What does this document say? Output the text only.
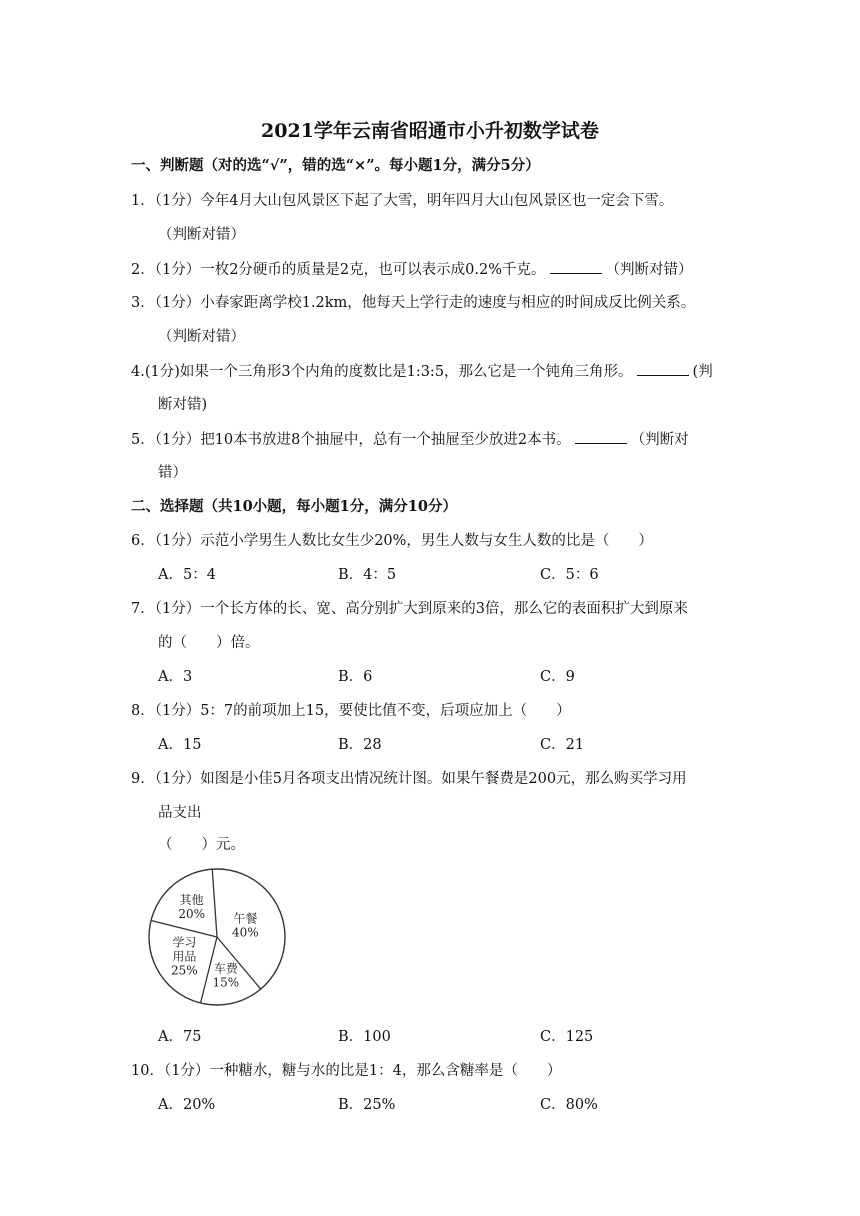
2021学年云南省昭通市小升初数学试卷
一、判断题（对的选“√”，错的选“×”。每小题1分，满分5分）
1．（1分）今年4月大山包风景区下起了大雪，明年四月大山包风景区也一定会下雪。
（判断对错）
2．（1分）一枚2分硬币的质量是2克，也可以表示成0.2%千克。	（判断对错）
3．（1分）小春家距离学校1.2km，他每天上学行走的速度与相应的时间成反比例关系。
（判断对错）
4.(1分)如果一个三角形3个内角的度数比是1:3:5，那么它是一个钝角三角形。	(判
断对错)
5．（1分）把10本书放进8个抽屉中，总有一个抽屉至少放进2本书。	（判断对
错）
二、选择题（共10小题，每小题1分，满分10分）
6．（1分）示范小学男生人数比女生少20%，男生人数与女生人数的比是（　　）
A．5：4	B．4：5	C．5：6
7．（1分）一个长方体的长、宽、高分别扩大到原来的3倍，那么它的表面积扩大到原来
的（　　）倍。
A．3	B．6	C．9
8．（1分）5：7的前项加上15，要使比值不变，后项应加上（　　）
A．15	B．28	C．21
9．（1分）如图是小佳5月各项支出情况统计图。如果午餐费是200元，那么购买学习用
品支出
（　　）元。
午餐 40%
车费 15%
学习用品 25%
其他 20%
A．75	B．100	C．125
10．（1分）一种糖水，糖与水的比是1：4，那么含糖率是（　　）
A．20%	B．25%	C．80%
